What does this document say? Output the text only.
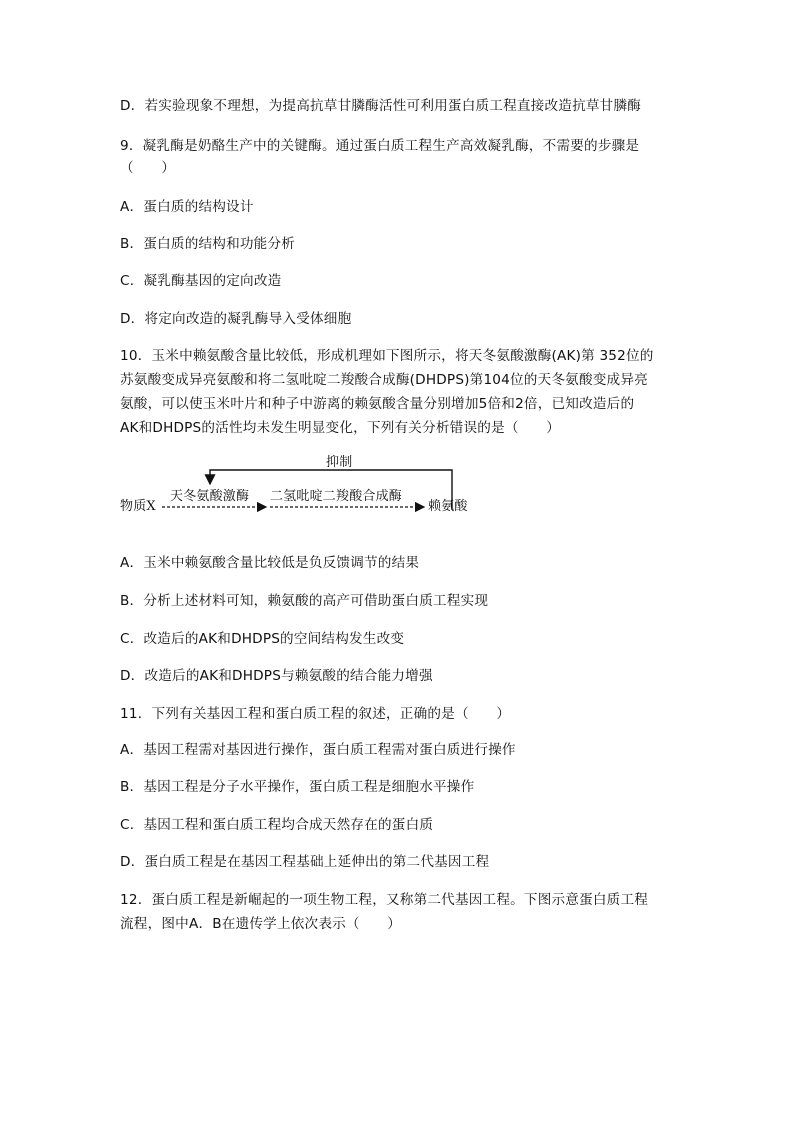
D．若实验现象不理想，为提高抗草甘膦酶活性可利用蛋白质工程直接改造抗草甘膦酶
9．凝乳酶是奶酪生产中的关键酶。通过蛋白质工程生产高效凝乳酶，不需要的步骤是
（　　）
A．蛋白质的结构设计
B．蛋白质的结构和功能分析
C．凝乳酶基因的定向改造
D．将定向改造的凝乳酶导入受体细胞
10．玉米中赖氨酸含量比较低，形成机理如下图所示，将天冬氨酸激酶(AK)第 352位的
苏氨酸变成异亮氨酸和将二氢吡啶二羧酸合成酶(DHDPS)第104位的天冬氨酸变成异亮
氨酸，可以使玉米叶片和种子中游离的赖氨酸含量分别增加5倍和2倍，已知改造后的
AK和DHDPS的活性均未发生明显变化，下列有关分析错误的是（　　）
抑制
物质X
天冬氨酸激酶 二氢吡啶二羧酸合成酶
赖氨酸
A．玉米中赖氨酸含量比较低是负反馈调节的结果
B．分析上述材料可知，赖氨酸的高产可借助蛋白质工程实现
C．改造后的AK和DHDPS的空间结构发生改变
D．改造后的AK和DHDPS与赖氨酸的结合能力增强
11．下列有关基因工程和蛋白质工程的叙述，正确的是（　　）
A．基因工程需对基因进行操作，蛋白质工程需对蛋白质进行操作
B．基因工程是分子水平操作，蛋白质工程是细胞水平操作
C．基因工程和蛋白质工程均合成天然存在的蛋白质
D．蛋白质工程是在基因工程基础上延伸出的第二代基因工程
12．蛋白质工程是新崛起的一项生物工程，又称第二代基因工程。下图示意蛋白质工程
流程，图中A．B在遗传学上依次表示（　　）
